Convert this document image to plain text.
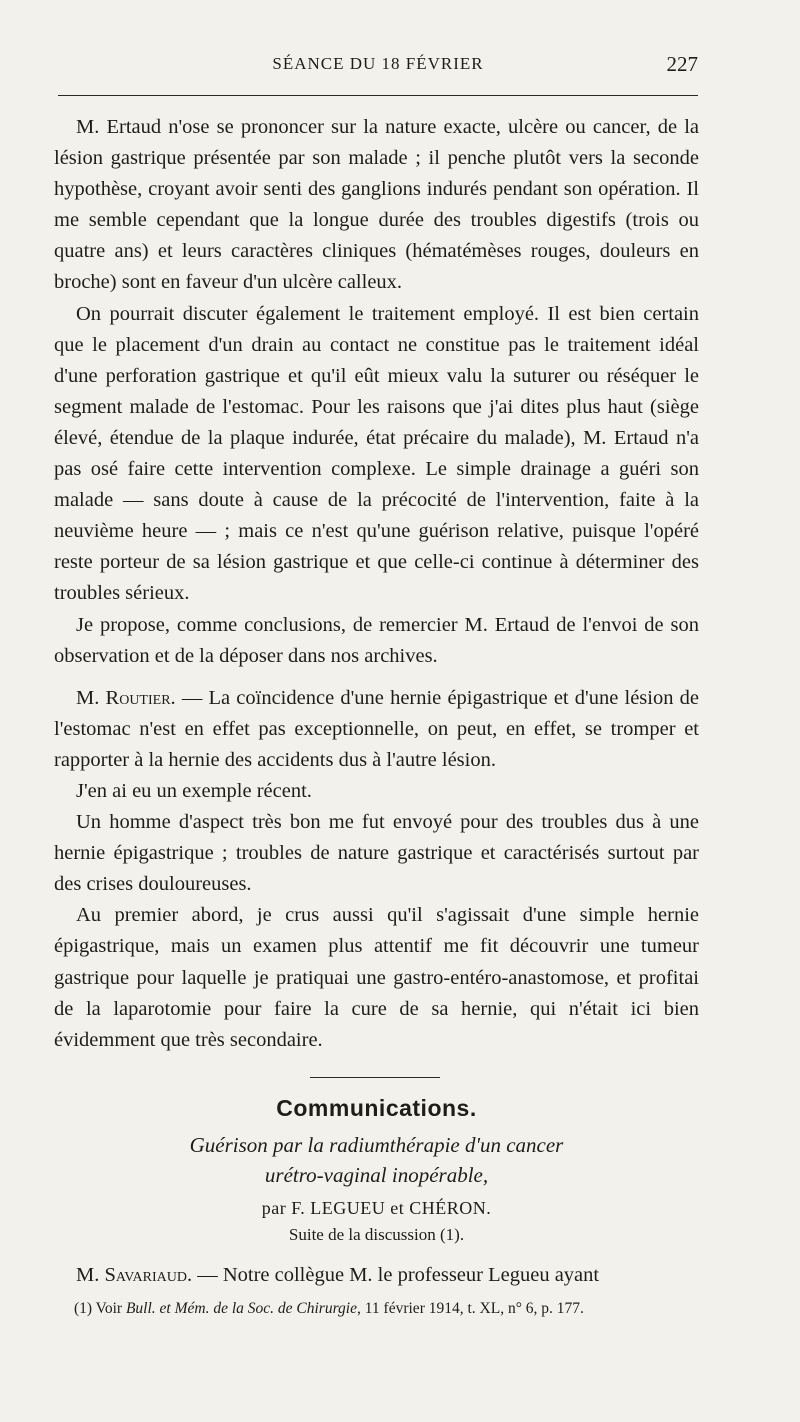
SÉANCE DU 18 FÉVRIER	227

M. Ertaud n'ose se prononcer sur la nature exacte, ulcère ou cancer, de la lésion gastrique présentée par son malade ; il penche plutôt vers la seconde hypothèse, croyant avoir senti des ganglions indurés pendant son opération. Il me semble cependant que la longue durée des troubles digestifs (trois ou quatre ans) et leurs caractères cliniques (hématémèses rouges, douleurs en broche) sont en faveur d'un ulcère calleux.

On pourrait discuter également le traitement employé. Il est bien certain que le placement d'un drain au contact ne constitue pas le traitement idéal d'une perforation gastrique et qu'il eût mieux valu la suturer ou réséquer le segment malade de l'estomac. Pour les raisons que j'ai dites plus haut (siège élevé, étendue de la plaque indurée, état précaire du malade), M. Ertaud n'a pas osé faire cette intervention complexe. Le simple drainage a guéri son malade — sans doute à cause de la précocité de l'intervention, faite à la neuvième heure — ; mais ce n'est qu'une guérison relative, puisque l'opéré reste porteur de sa lésion gastrique et que celle-ci continue à déterminer des troubles sérieux.

Je propose, comme conclusions, de remercier M. Ertaud de l'envoi de son observation et de la déposer dans nos archives.

M. Routier. — La coïncidence d'une hernie épigastrique et d'une lésion de l'estomac n'est en effet pas exceptionnelle, on peut, en effet, se tromper et rapporter à la hernie des accidents dus à l'autre lésion.

J'en ai eu un exemple récent.

Un homme d'aspect très bon me fut envoyé pour des troubles dus à une hernie épigastrique ; troubles de nature gastrique et caractérisés surtout par des crises douloureuses.

Au premier abord, je crus aussi qu'il s'agissait d'une simple hernie épigastrique, mais un examen plus attentif me fit découvrir une tumeur gastrique pour laquelle je pratiquai une gastro-entéro-anastomose, et profitai de la laparotomie pour faire la cure de sa hernie, qui n'était ici bien évidemment que très secondaire.

Communications.
Guérison par la radiumthérapie d'un cancer
urétro-vaginal inopérable,
par F. LEGUEU et CHÉRON.
Suite de la discussion (1).
M. Savariaud. — Notre collègue M. le professeur Legueu ayant
(1) Voir Bull. et Mém. de la Soc. de Chirurgie, 11 février 1914, t. XL, n° 6, p. 177.
